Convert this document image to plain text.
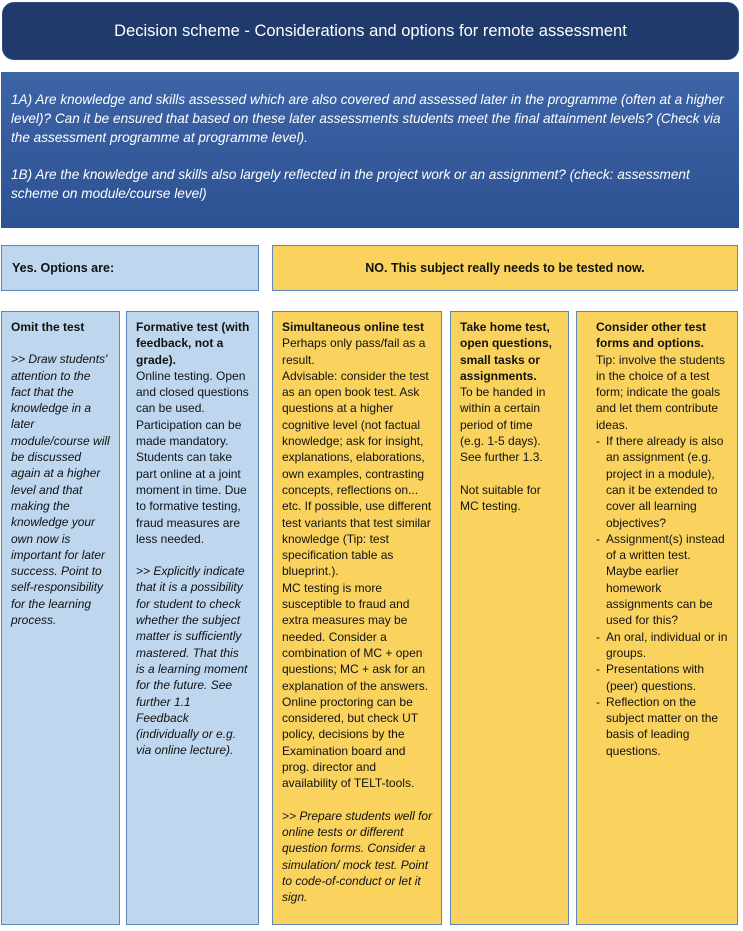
Decision scheme - Considerations and options for remote assessment

1A) Are knowledge and skills assessed which are also covered and assessed later in the programme (often at a higher level)? Can it be ensured that based on these later assessments students meet the final attainment levels? (Check via the assessment programme at programme level).

1B) Are the knowledge and skills also largely reflected in the project work or an assignment? (check: assessment scheme on module/course level)

Yes. Options are:	NO. This subject really needs to be tested now.

Omit the test

>> Draw students' attention to the fact that the knowledge in a later module/course will be discussed again at a higher level and that making the knowledge your own now is important for later success. Point to self-responsibility for the learning process.

Formative test (with feedback, not a grade).

Online testing. Open and closed questions can be used. Participation can be made mandatory. Students can take part online at a joint moment in time. Due to formative testing, fraud measures are less needed.

>> Explicitly indicate that it is a possibility for student to check whether the subject matter is sufficiently mastered. That this is a learning moment for the future. See further 1.1

Feedback (individually or e.g. via online lecture).

Simultaneous online test

Perhaps only pass/fail as a result.

Advisable: consider the test as an open book test. Ask questions at a higher cognitive level (not factual knowledge; ask for insight, explanations, elaborations, own examples, contrasting concepts, reflections on... etc. If possible, use different test variants that test similar knowledge (Tip: test specification table as blueprint.).

MC testing is more susceptible to fraud and extra measures may be needed. Consider a combination of MC + open questions; MC + ask for an explanation of the answers.

Online proctoring can be considered, but check UT policy, decisions by the Examination board and prog. director and availability of TELT-tools.

>> Prepare students well for online tests or different question forms. Consider a simulation/ mock test. Point to code-of-conduct or let it sign.

Take home test, open questions, small tasks or assignments.

To be handed in within a certain period of time (e.g. 1-5 days). See further 1.3.

Not suitable for MC testing.

Consider other test forms and options.

Tip: involve the students in the choice of a test form; indicate the goals and let them contribute ideas.

- If there already is also an assignment (e.g. project in a module), can it be extended to cover all learning objectives?
- Assignment(s) instead of a written test. Maybe earlier homework assignments can be used for this?
- An oral, individual or in groups.
- Presentations with (peer) questions.
- Reflection on the subject matter on the basis of leading questions.
